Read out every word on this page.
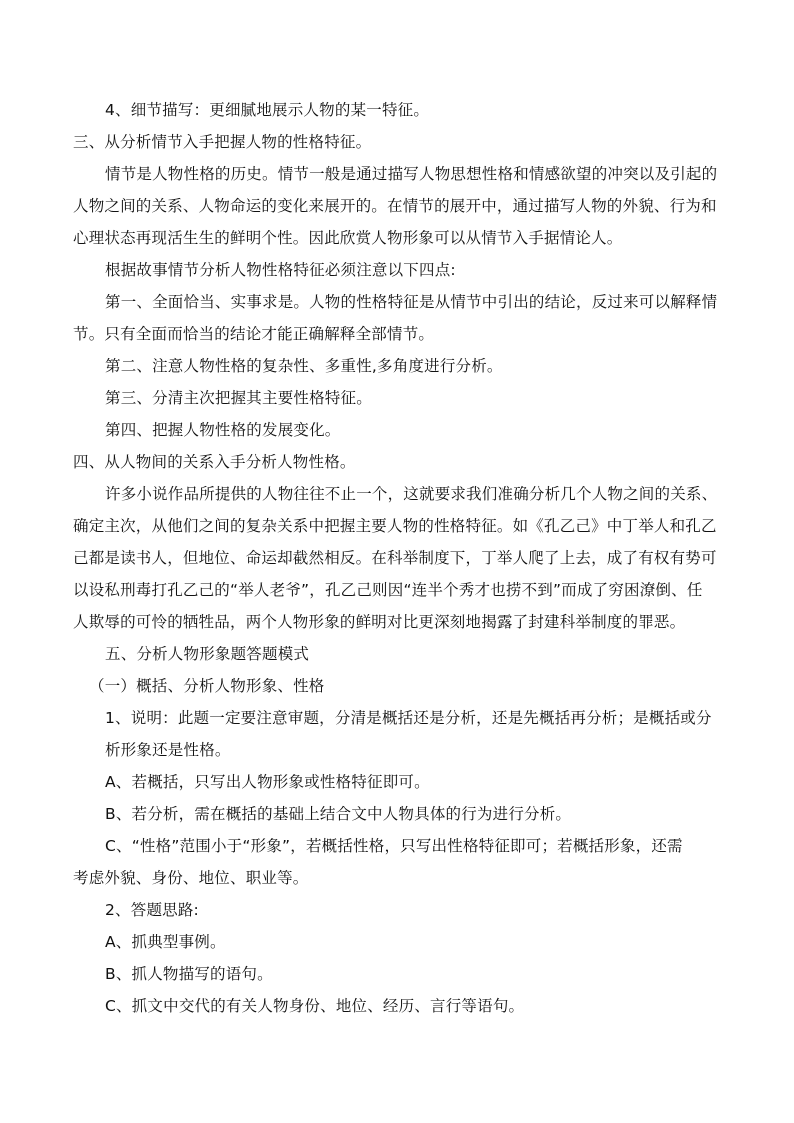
4、细节描写：更细腻地展示人物的某一特征。
三、从分析情节入手把握人物的性格特征。
情节是人物性格的历史。情节一般是通过描写人物思想性格和情感欲望的冲突以及引起的
人物之间的关系、人物命运的变化来展开的。在情节的展开中，通过描写人物的外貌、行为和
心理状态再现活生生的鲜明个性。因此欣赏人物形象可以从情节入手据情论人。
根据故事情节分析人物性格特征必须注意以下四点:
第一、全面恰当、实事求是。人物的性格特征是从情节中引出的结论，反过来可以解释情
节。只有全面而恰当的结论才能正确解释全部情节。
第二、注意人物性格的复杂性、多重性,多角度进行分析。
第三、分清主次把握其主要性格特征。
第四、把握人物性格的发展变化。
四、从人物间的关系入手分析人物性格。
许多小说作品所提供的人物往往不止一个，这就要求我们准确分析几个人物之间的关系、
确定主次，从他们之间的复杂关系中把握主要人物的性格特征。如《孔乙己》中丁举人和孔乙
己都是读书人，但地位、命运却截然相反。在科举制度下，丁举人爬了上去，成了有权有势可
以设私刑毒打孔乙己的“举人老爷”，孔乙己则因“连半个秀才也捞不到”而成了穷困潦倒、任
人欺辱的可怜的牺牲品，两个人物形象的鲜明对比更深刻地揭露了封建科举制度的罪恶。
五、分析人物形象题答题模式
（一）概括、分析人物形象、性格
1、说明：此题一定要注意审题，分清是概括还是分析，还是先概括再分析；是概括或分
析形象还是性格。
A、若概括，只写出人物形象或性格特征即可。
B、若分析，需在概括的基础上结合文中人物具体的行为进行分析。
C、“性格”范围小于“形象”，若概括性格，只写出性格特征即可；若概括形象，还需
考虑外貌、身份、地位、职业等。
2、答题思路:
A、抓典型事例。
B、抓人物描写的语句。
C、抓文中交代的有关人物身份、地位、经历、言行等语句。
